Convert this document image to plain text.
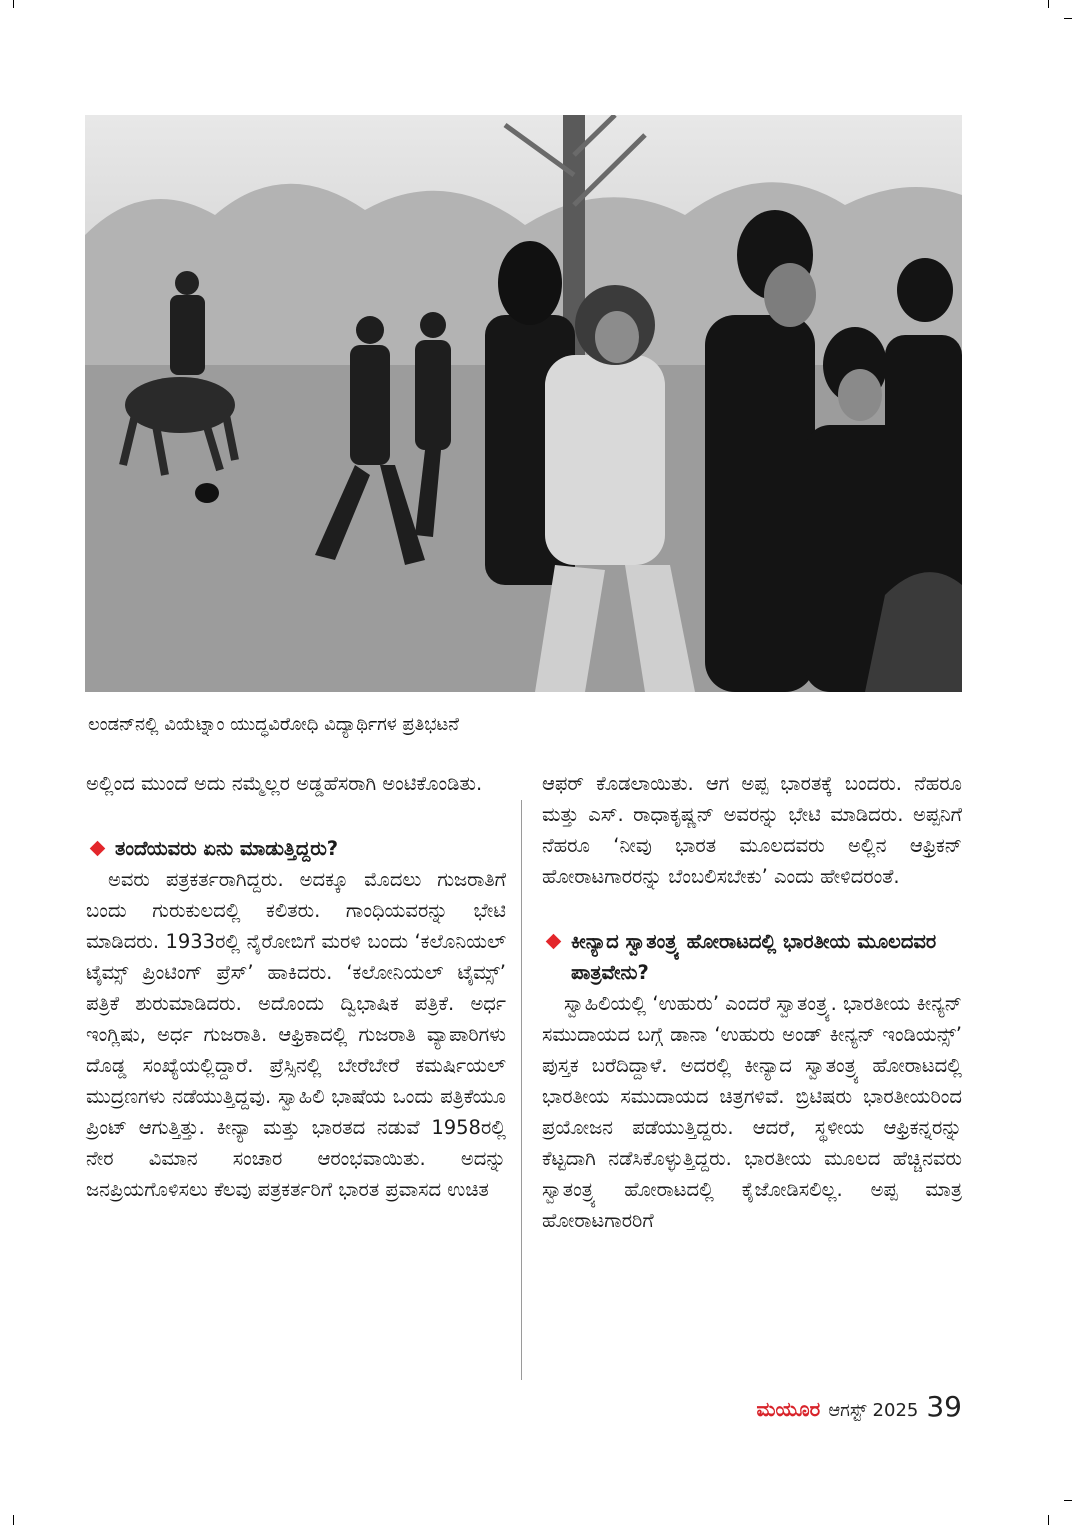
ಲಂಡನ್‌ನಲ್ಲಿ ವಿಯೆಟ್ನಾಂ ಯುದ್ಧವಿರೋಧಿ ವಿದ್ಯಾರ್ಥಿಗಳ ಪ್ರತಿಭಟನೆ

ಅಲ್ಲಿಂದ ಮುಂದೆ ಅದು ನಮ್ಮೆಲ್ಲರ ಅಡ್ಡಹೆಸರಾಗಿ ಅಂಟಿಕೊಂಡಿತು.

ತಂದೆಯವರು ಏನು ಮಾಡುತ್ತಿದ್ದರು?

ಅವರು ಪತ್ರಕರ್ತರಾಗಿದ್ದರು. ಅದಕ್ಕೂ ಮೊದಲು ಗುಜರಾತಿಗೆ ಬಂದು ಗುರುಕುಲದಲ್ಲಿ ಕಲಿತರು. ಗಾಂಧಿಯವರನ್ನು ಭೇಟಿ ಮಾಡಿದರು. 1933ರಲ್ಲಿ ನೈರೋಬಿಗೆ ಮರಳಿ ಬಂದು ‘ಕಲೊನಿಯಲ್ ಟೈಮ್ಸ್ ಪ್ರಿಂಟಿಂಗ್ ಪ್ರೆಸ್’ ಹಾಕಿದರು. ‘ಕಲೋನಿಯಲ್ ಟೈಮ್ಸ್’ ಪತ್ರಿಕೆ ಶುರುಮಾಡಿದರು. ಅದೊಂದು ದ್ವಿಭಾಷಿಕ ಪತ್ರಿಕೆ. ಅರ್ಧ ಇಂಗ್ಲಿಷು, ಅರ್ಧ ಗುಜರಾತಿ. ಆಫ್ರಿಕಾದಲ್ಲಿ ಗುಜರಾತಿ ವ್ಯಾಪಾರಿಗಳು ದೊಡ್ಡ ಸಂಖ್ಯೆಯಲ್ಲಿದ್ದಾರೆ. ಪ್ರೆಸ್ಸಿನಲ್ಲಿ ಬೇರೆಬೇರೆ ಕಮರ್ಷಿಯಲ್ ಮುದ್ರಣಗಳು ನಡೆಯುತ್ತಿದ್ದವು. ಸ್ವಾಹಿಲಿ ಭಾಷೆಯ ಒಂದು ಪತ್ರಿಕೆಯೂ ಪ್ರಿಂಟ್ ಆಗುತ್ತಿತ್ತು. ಕೀನ್ಯಾ ಮತ್ತು ಭಾರತದ ನಡುವೆ 1958ರಲ್ಲಿ ನೇರ ವಿಮಾನ ಸಂಚಾರ ಆರಂಭವಾಯಿತು. ಅದನ್ನು ಜನಪ್ರಿಯಗೊಳಿಸಲು ಕೆಲವು ಪತ್ರಕರ್ತರಿಗೆ ಭಾರತ ಪ್ರವಾಸದ ಉಚಿತ

ಆಫರ್ ಕೊಡಲಾಯಿತು. ಆಗ ಅಪ್ಪ ಭಾರತಕ್ಕೆ ಬಂದರು. ನೆಹರೂ ಮತ್ತು ಎಸ್. ರಾಧಾಕೃಷ್ಣನ್ ಅವರನ್ನು ಭೇಟಿ ಮಾಡಿದರು. ಅಪ್ಪನಿಗೆ ನೆಹರೂ ‘ನೀವು ಭಾರತ ಮೂಲದವರು ಅಲ್ಲಿನ ಆಫ್ರಿಕನ್ ಹೋರಾಟಗಾರರನ್ನು ಬೆಂಬಲಿಸಬೇಕು’ ಎಂದು ಹೇಳಿದರಂತೆ.

ಕೀನ್ಯಾದ ಸ್ವಾತಂತ್ರ್ಯ ಹೋರಾಟದಲ್ಲಿ ಭಾರತೀಯ ಮೂಲದವರ ಪಾತ್ರವೇನು?

ಸ್ವಾಹಿಲಿಯಲ್ಲಿ ‘ಉಹುರು’ ಎಂದರೆ ಸ್ವಾತಂತ್ರ್ಯ. ಭಾರತೀಯ ಕೀನ್ಯನ್ ಸಮುದಾಯದ ಬಗ್ಗೆ ಡಾನಾ ‘ಉಹುರು ಅಂಡ್ ಕೀನ್ಯನ್ ಇಂಡಿಯನ್ಸ್’ ಪುಸ್ತಕ ಬರೆದಿದ್ದಾಳೆ. ಅದರಲ್ಲಿ ಕೀನ್ಯಾದ ಸ್ವಾತಂತ್ರ್ಯ ಹೋರಾಟದಲ್ಲಿ ಭಾರತೀಯ ಸಮುದಾಯದ ಚಿತ್ರಗಳಿವೆ. ಬ್ರಿಟಿಷರು ಭಾರತೀಯರಿಂದ ಪ್ರಯೋಜನ ಪಡೆಯುತ್ತಿದ್ದರು. ಆದರೆ, ಸ್ಥಳೀಯ ಆಫ್ರಿಕನ್ನರನ್ನು ಕೆಟ್ಟದಾಗಿ ನಡೆಸಿಕೊಳ್ಳುತ್ತಿದ್ದರು. ಭಾರತೀಯ ಮೂಲದ ಹೆಚ್ಚಿನವರು ಸ್ವಾತಂತ್ರ್ಯ ಹೋರಾಟದಲ್ಲಿ ಕೈಜೋಡಿಸಲಿಲ್ಲ. ಅಪ್ಪ ಮಾತ್ರ ಹೋರಾಟಗಾರರಿಗೆ

ಮಯೂರ ಆಗಸ್ಟ್ 2025 39
